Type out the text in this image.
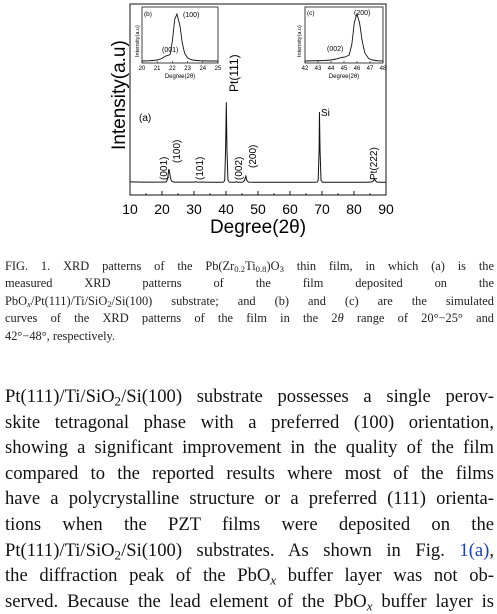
10 20 30 40 50 60 70 80 90
Intensity(a.u)
Degree(2θ)
(a)
(001)
(100)
(101)
Pt(111)
(002)
(200)
Si
Pt(222)
20 21 22 23 24 25
(b)
Intensity(a.u)
Degree(2θ)
(100)
(001)
42 43 44 45 46 47 48
(c)
Intensity(a.u)
Degree(2θ)
(200)
(002)
FIG. 1. XRD patterns of the $Pb(Zr_{0.2}Ti_{0.8})O_3$ thin film, in which (a) is the
measured XRD patterns of the film deposited on the
PbO$_x$/Pt(111)/Ti/SiO$_2$/Si(100) substrate; and (b) and (c) are the simulated
curves of the XRD patterns of the film in the 2θ range of 20°−25° and
42°−48°, respectively.
Pt(111)/Ti/SiO$_2$/Si(100) substrate possesses a single perov-
skite tetragonal phase with a preferred (100) orientation,
showing a significant improvement in the quality of the film
compared to the reported results where most of the films
have a polycrystalline structure or a preferred (111) orienta-
tions when the PZT films were deposited on the
Pt(111)/Ti/SiO$_2$/Si(100) substrates. As shown in Fig. 1(a),
the diffraction peak of the PbO$_x$ buffer layer was not ob-
served. Because the lead element of the PbO$_x$ buffer layer is
